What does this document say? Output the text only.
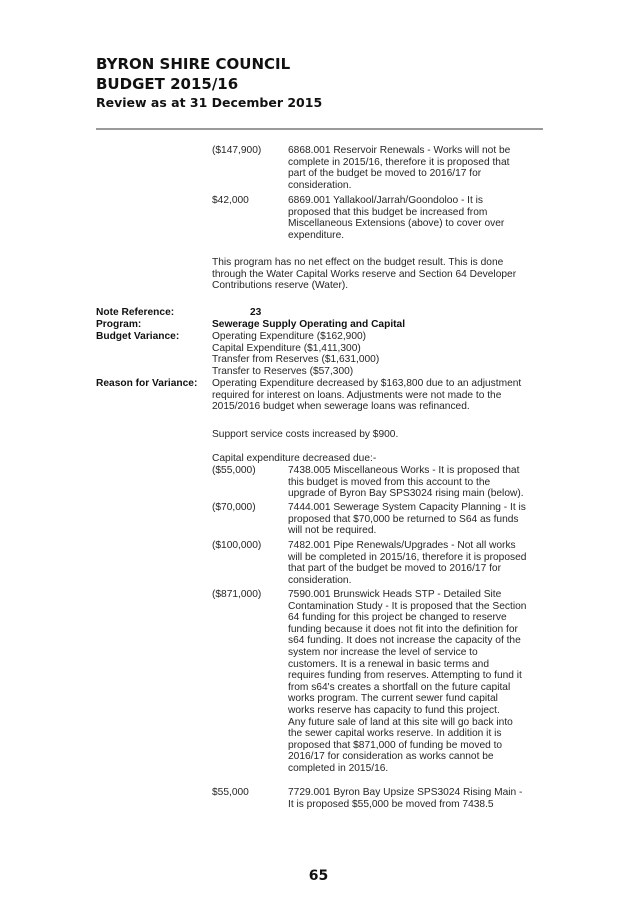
BYRON SHIRE COUNCIL
BUDGET 2015/16
Review as at 31 December 2015
($147,900)	6868.001 Reservoir Renewals - Works will not be
complete in 2015/16, therefore it is proposed that
part of the budget be moved to 2016/17 for
consideration.
$42,000	6869.001 Yallakool/Jarrah/Goondoloo - It is
proposed that this budget be increased from
Miscellaneous Extensions (above) to cover over
expenditure.
This program has no net effect on the budget result. This is done
through the Water Capital Works reserve and Section 64 Developer
Contributions reserve (Water).
Note Reference:	23
Program:	Sewerage Supply Operating and Capital
Budget Variance:	Operating Expenditure ($162,900)
Capital Expenditure ($1,411,300)
Transfer from Reserves ($1,631,000)
Transfer to Reserves ($57,300)
Reason for Variance: Operating Expenditure decreased by $163,800 due to an adjustment
required for interest on loans. Adjustments were not made to the
2015/2016 budget when sewerage loans was refinanced.
Support service costs increased by $900.
Capital expenditure decreased due:-
($55,000)	7438.005 Miscellaneous Works - It is proposed that
this budget is moved from this account to the
upgrade of Byron Bay SPS3024 rising main (below).
($70,000)	7444.001 Sewerage System Capacity Planning - It is
proposed that $70,000 be returned to S64 as funds
will not be required.
($100,000)	7482.001 Pipe Renewals/Upgrades - Not all works
will be completed in 2015/16, therefore it is proposed
that part of the budget be moved to 2016/17 for
consideration.
($871,000)	7590.001 Brunswick Heads STP - Detailed Site
Contamination Study - It is proposed that the Section
64 funding for this project be changed to reserve
funding because it does not fit into the definition for
s64 funding. It does not increase the capacity of the
system nor increase the level of service to
customers. It is a renewal in basic terms and
requires funding from reserves. Attempting to fund it
from s64's creates a shortfall on the future capital
works program. The current sewer fund capital
works reserve has capacity to fund this project.
Any future sale of land at this site will go back into
the sewer capital works reserve. In addition it is
proposed that $871,000 of funding be moved to
2016/17 for consideration as works cannot be
completed in 2015/16.
$55,000	7729.001 Byron Bay Upsize SPS3024 Rising Main -
It is proposed $55,000 be moved from 7438.5
65
